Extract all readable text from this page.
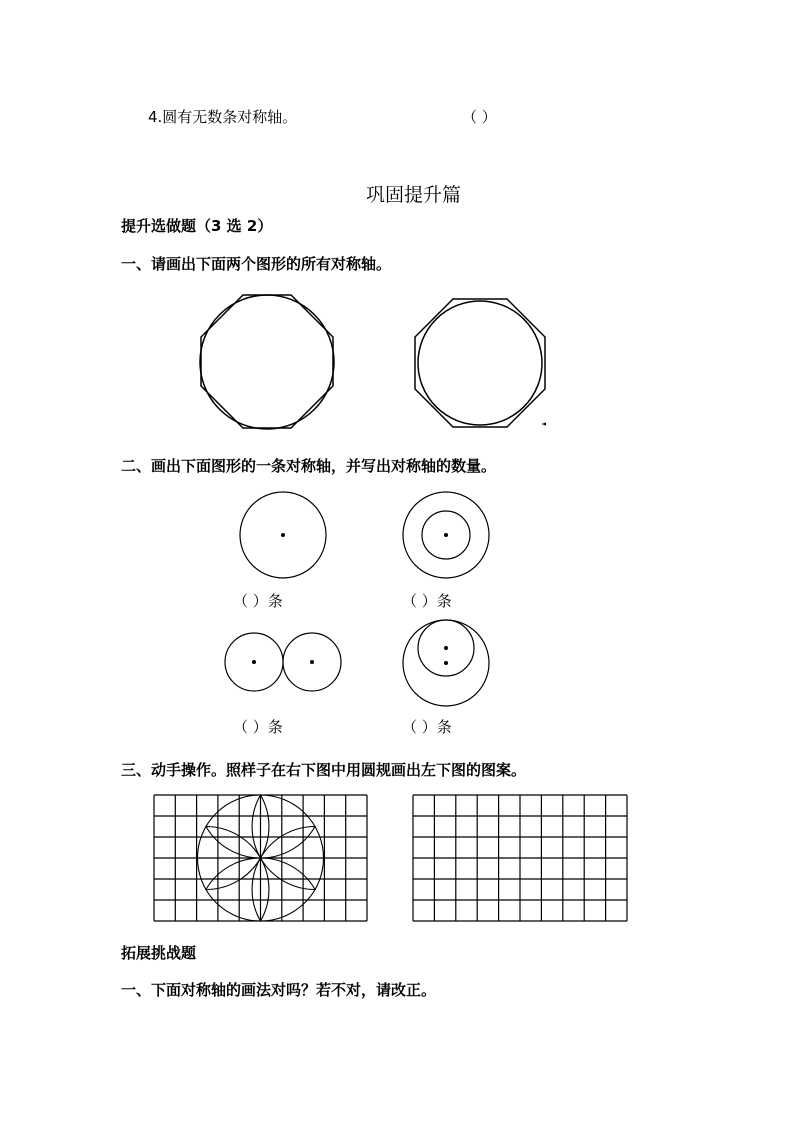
4.圆有无数条对称轴。	（ ）
巩固提升篇
提升选做题（3 选 2）
一、请画出下面两个图形的所有对称轴。
二、画出下面图形的一条对称轴，并写出对称轴的数量。
（ ）条	（ ）条
（ ）条	（ ）条
三、动手操作。照样子在右下图中用圆规画出左下图的图案。
拓展挑战题
一、下面对称轴的画法对吗？若不对，请改正。
